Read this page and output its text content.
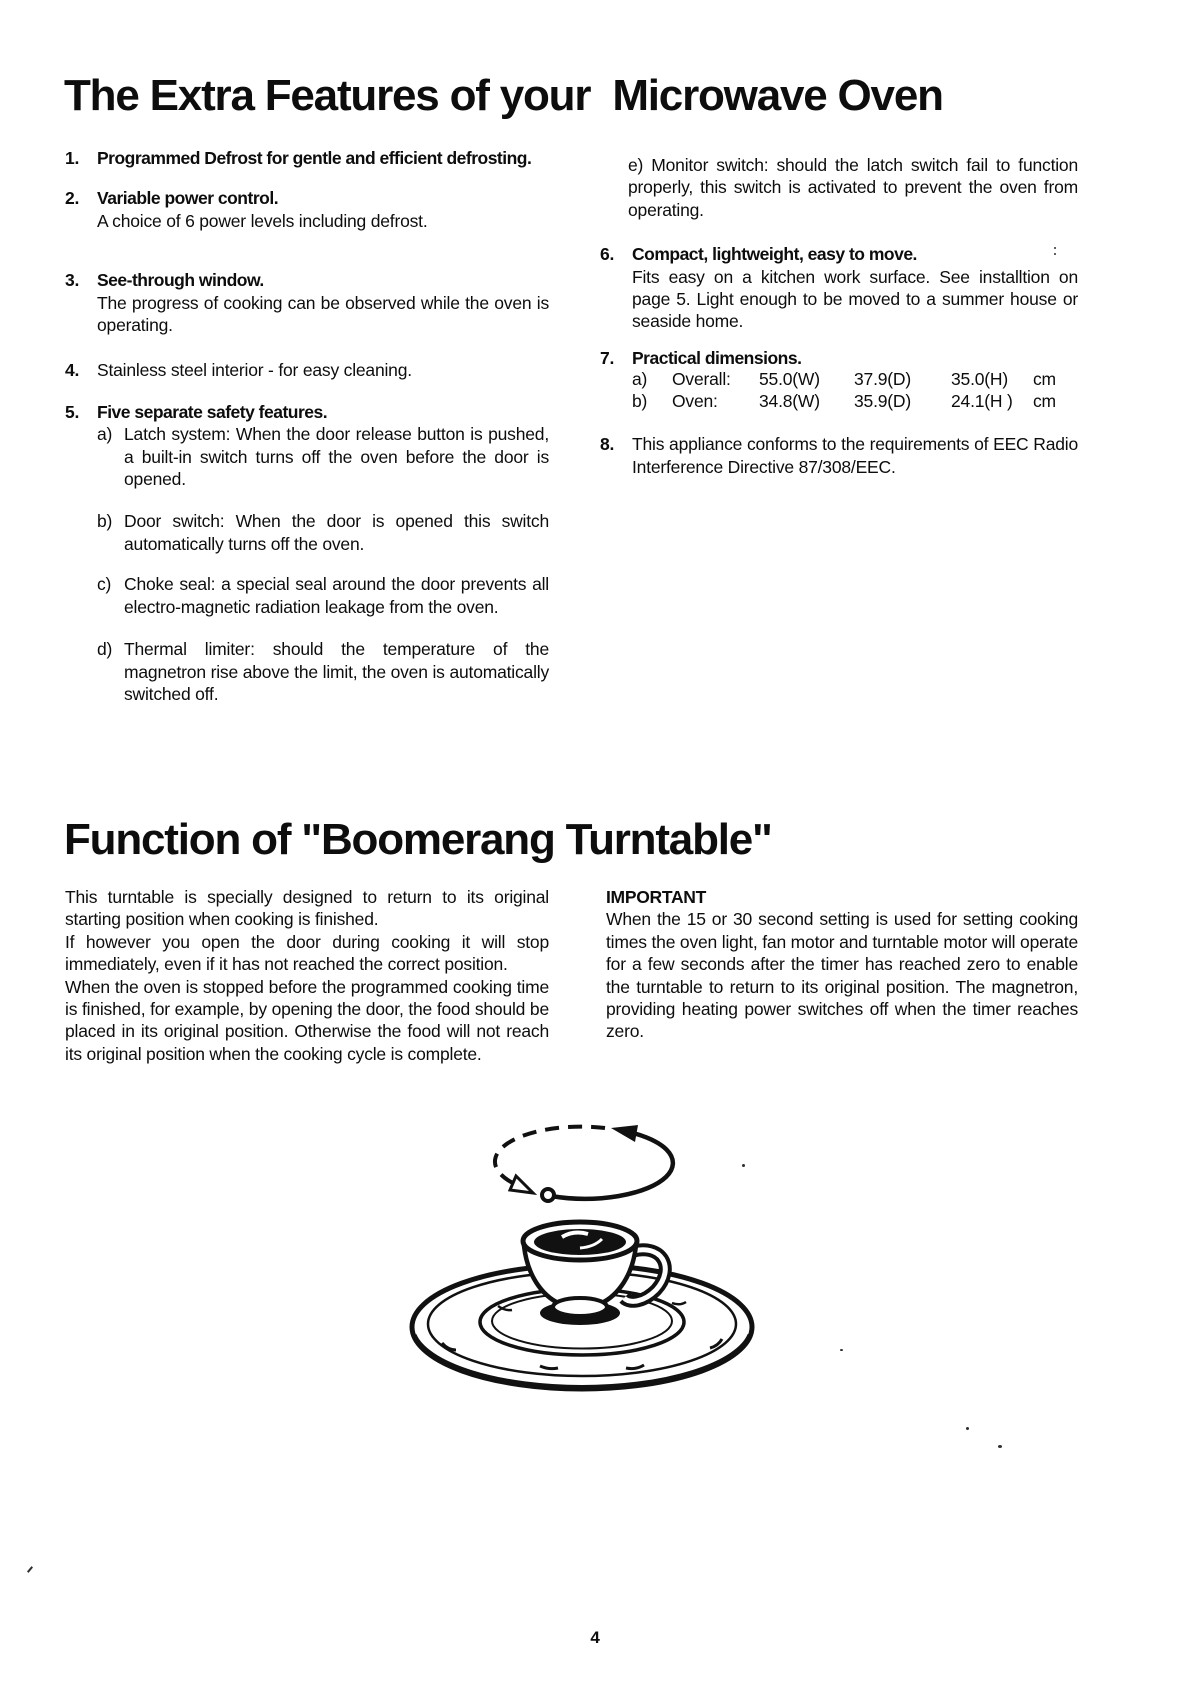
The Extra Features of your  Microwave Oven
1.	Programmed Defrost for gentle and efficient defrosting.
2.	Variable power control.
A choice of 6 power levels including defrost.
3.	See-through window.
The progress of cooking can be observed while the oven is operating.
4.	Stainless steel interior - for easy cleaning.
5.	Five separate safety features.
a) Latch system: When the door release button is pushed, a built-in switch turns off the oven before the door is opened.
b) Door switch: When the door is opened this switch automatically turns off the oven.
c) Choke seal: a special seal around the door prevents all electro-magnetic radiation leakage from the oven.
d) Thermal limiter: should the temperature of the magnetron rise above the limit, the oven is automatically switched off.
e) Monitor switch: should the latch switch fail to function properly, this switch is activated to prevent the oven from operating.
6.	Compact, lightweight, easy to move.
Fits easy on a kitchen work surface. See installtion on page 5. Light enough to be moved to a summer house or seaside home.
7.	Practical dimensions.
a)	Overall:	55.0(W)	37.9(D)	35.0(H)	cm
b)	Oven:	34.8(W)	35.9(D)	24.1(H )	cm
8.	This appliance conforms to the requirements of EEC Radio Interference Directive 87/308/EEC.
Function of "Boomerang Turntable"

This turntable is specially designed to return to its original starting position when cooking is finished.

If however you open the door during cooking it will stop immediately, even if it has not reached the correct position.

When the oven is stopped before the programmed cooking time is finished, for example, by opening the door, the food should be placed in its original position. Otherwise the food will not reach its original position when the cooking cycle is complete.

IMPORTANT

When the 15 or 30 second setting is used for setting cooking times the oven light, fan motor and turntable motor will operate for a few seconds after the timer has reached zero to enable the turntable to return to its original position. The magnetron, providing heating power switches off when the timer reaches zero.

4
